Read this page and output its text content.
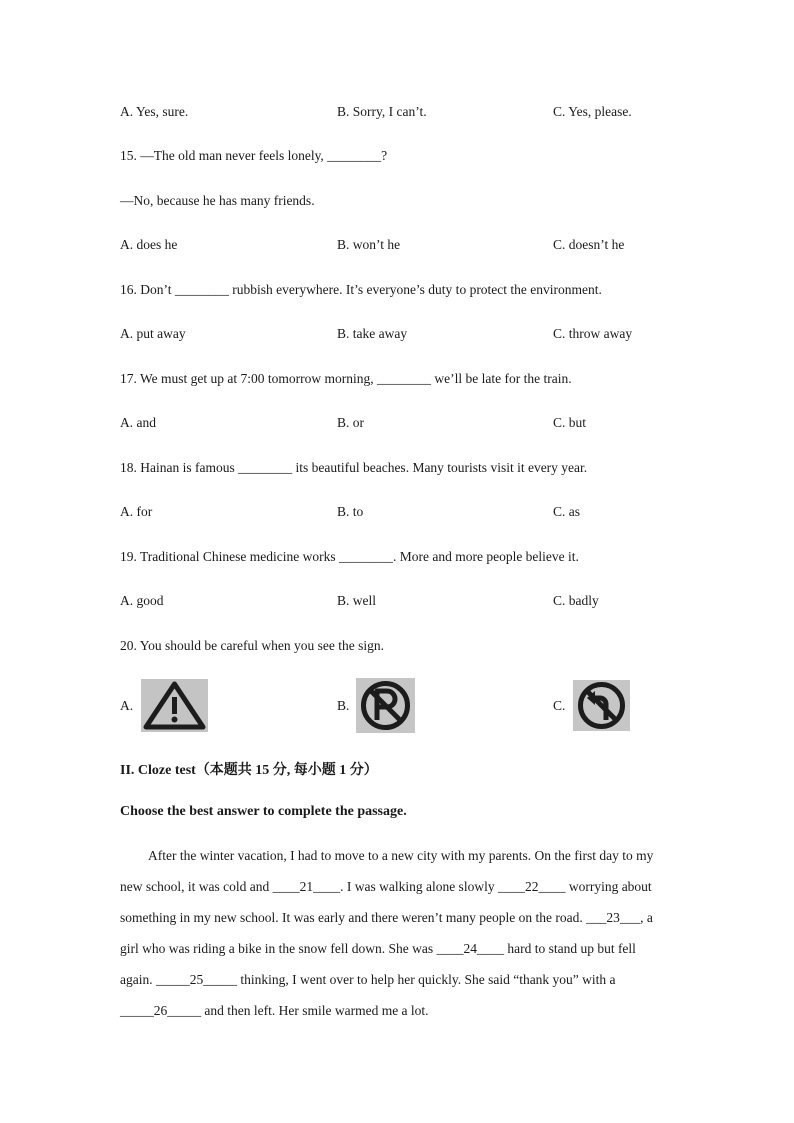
A. Yes, sure.	B. Sorry, I can’t.	C. Yes, please.
15. —The old man never feels lonely, ________?
—No, because he has many friends.
A. does he	B. won’t he	C. doesn’t he
16. Don’t ________ rubbish everywhere. It’s everyone’s duty to protect the environment.
A. put away	B. take away	C. throw away
17. We must get up at 7:00 tomorrow morning, ________ we’ll be late for the train.
A. and	B. or	C. but
18. Hainan is famous ________ its beautiful beaches. Many tourists visit it every year.
A. for	B. to	C. as
19. Traditional Chinese medicine works ________. More and more people believe it.
A. good	B. well	C. badly
20. You should be careful when you see the sign.
A.	B.	C.
II. Cloze test（本题共 15 分, 每小题 1 分）
Choose the best answer to complete the passage.
After the winter vacation, I had to move to a new city with my parents. On the first day to my
new school, it was cold and ____21____. I was walking alone slowly ____22____ worrying about
something in my new school. It was early and there weren’t many people on the road. ___23___, a
girl who was riding a bike in the snow fell down. She was ____24____ hard to stand up but fell
again. _____25_____ thinking, I went over to help her quickly. She said “thank you” with a
_____26_____ and then left. Her smile warmed me a lot.
